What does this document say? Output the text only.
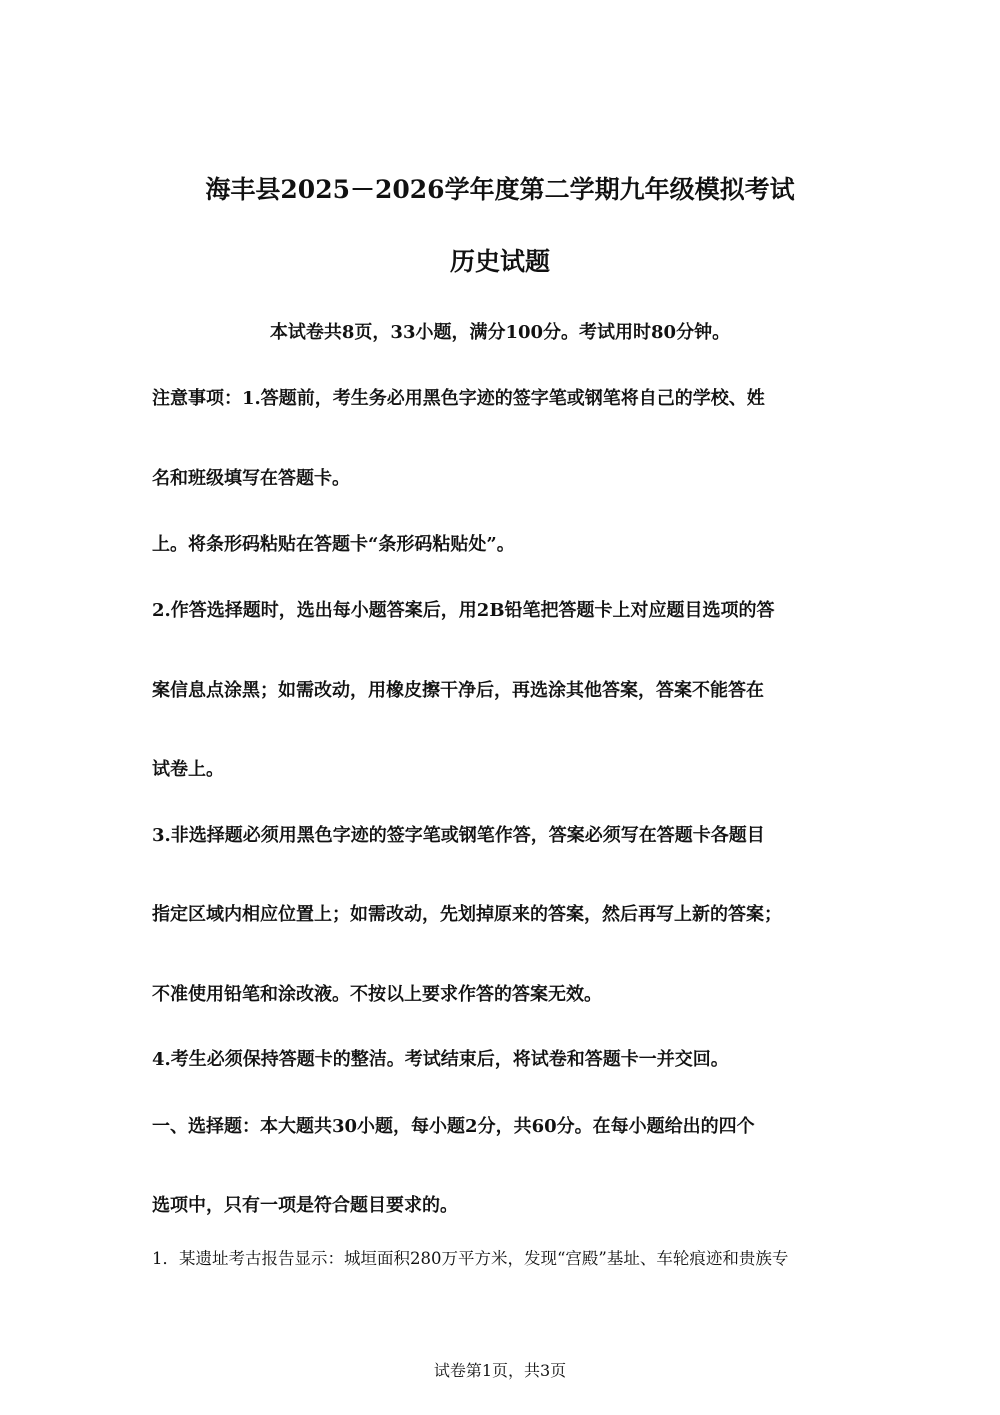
海丰县2025－2026学年度第二学期九年级模拟考试
历史试题

本试卷共8页，33小题，满分100分。考试用时80分钟。

注意事项：1.答题前，考生务必用黑色字迹的签字笔或钢笔将自己的学校、姓

名和班级填写在答题卡。

上。将条形码粘贴在答题卡“条形码粘贴处”。

2.作答选择题时，选出每小题答案后，用2B铅笔把答题卡上对应题目选项的答

案信息点涂黑；如需改动，用橡皮擦干净后，再选涂其他答案，答案不能答在

试卷上。

3.非选择题必须用黑色字迹的签字笔或钢笔作答，答案必须写在答题卡各题目

指定区域内相应位置上；如需改动，先划掉原来的答案，然后再写上新的答案；

不准使用铅笔和涂改液。不按以上要求作答的答案无效。

4.考生必须保持答题卡的整洁。考试结束后，将试卷和答题卡一并交回。

一、选择题：本大题共30小题，每小题2分，共60分。在每小题给出的四个

选项中，只有一项是符合题目要求的。

1．某遗址考古报告显示：城垣面积280万平方米，发现“宫殿”基址、车轮痕迹和贵族专

试卷第1页，共3页
